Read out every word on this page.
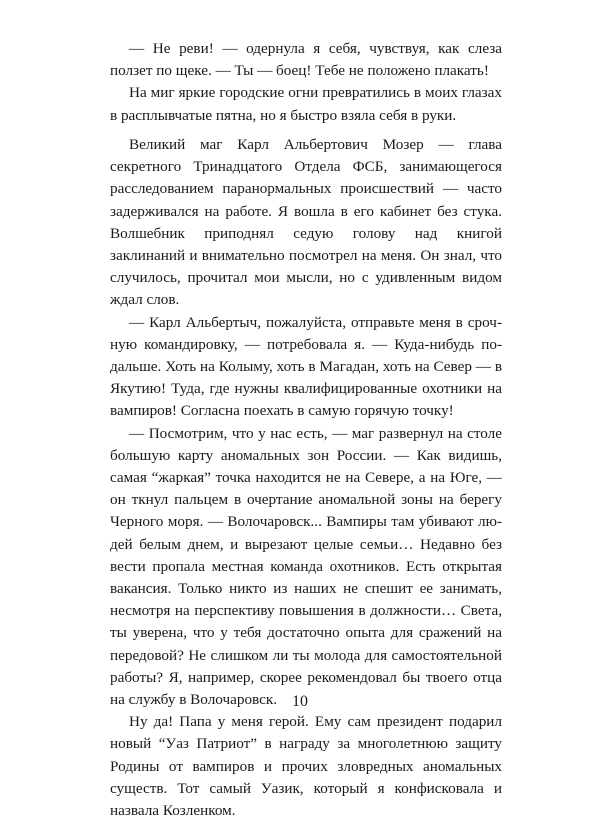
— Не реви! — одернула я себя, чувствуя, как слеза ползет по щеке. — Ты — боец! Тебе не положено плакать!

На миг яркие городские огни превратились в моих глазах в расплывчатые пятна, но я быстро взяла себя в руки.

Великий маг Карл Альбертович Мозер — глава секретного Тринадцатого Отдела ФСБ, занимающегося расследованием паранормальных происшествий — часто задерживался на работе. Я вошла в его кабинет без стука. Волшебник приподнял седую голову над книгой заклинаний и внимательно посмотрел на меня. Он знал, что случилось, прочитал мои мысли, но с удивленным видом ждал слов.

— Карл Альбертыч, пожалуйста, отправьте меня в срочную командировку, — потребовала я. — Куда-нибудь подальше. Хоть на Колыму, хоть в Магадан, хоть на Север — в Якутию! Туда, где нужны квалифицированные охотники на вампиров! Согласна поехать в самую горячую точку!

— Посмотрим, что у нас есть, — маг развернул на столе большую карту аномальных зон России. — Как видишь, самая “жаркая” точка находится не на Севере, а на Юге, — он ткнул пальцем в очертание аномальной зоны на берегу Черного моря. — Волочаровск... Вампиры там убивают людей белым днем, и вырезают целые семьи… Недавно без вести пропала местная команда охотников. Есть открытая вакансия. Только никто из наших не спешит ее занимать, несмотря на перспективу повышения в должности… Света, ты уверена, что у тебя достаточно опыта для сражений на передовой? Не слишком ли ты молода для самостоятельной работы? Я, например, скорее рекомендовал бы твоего отца на службу в Волочаровск.

Ну да! Папа у меня герой. Ему сам президент подарил новый “Уаз Патриот” в награду за многолетнюю защиту Родины от вампиров и прочих зловредных аномальных существ. Тот самый Уазик, который я конфисковала и назвала Козленком.

10
